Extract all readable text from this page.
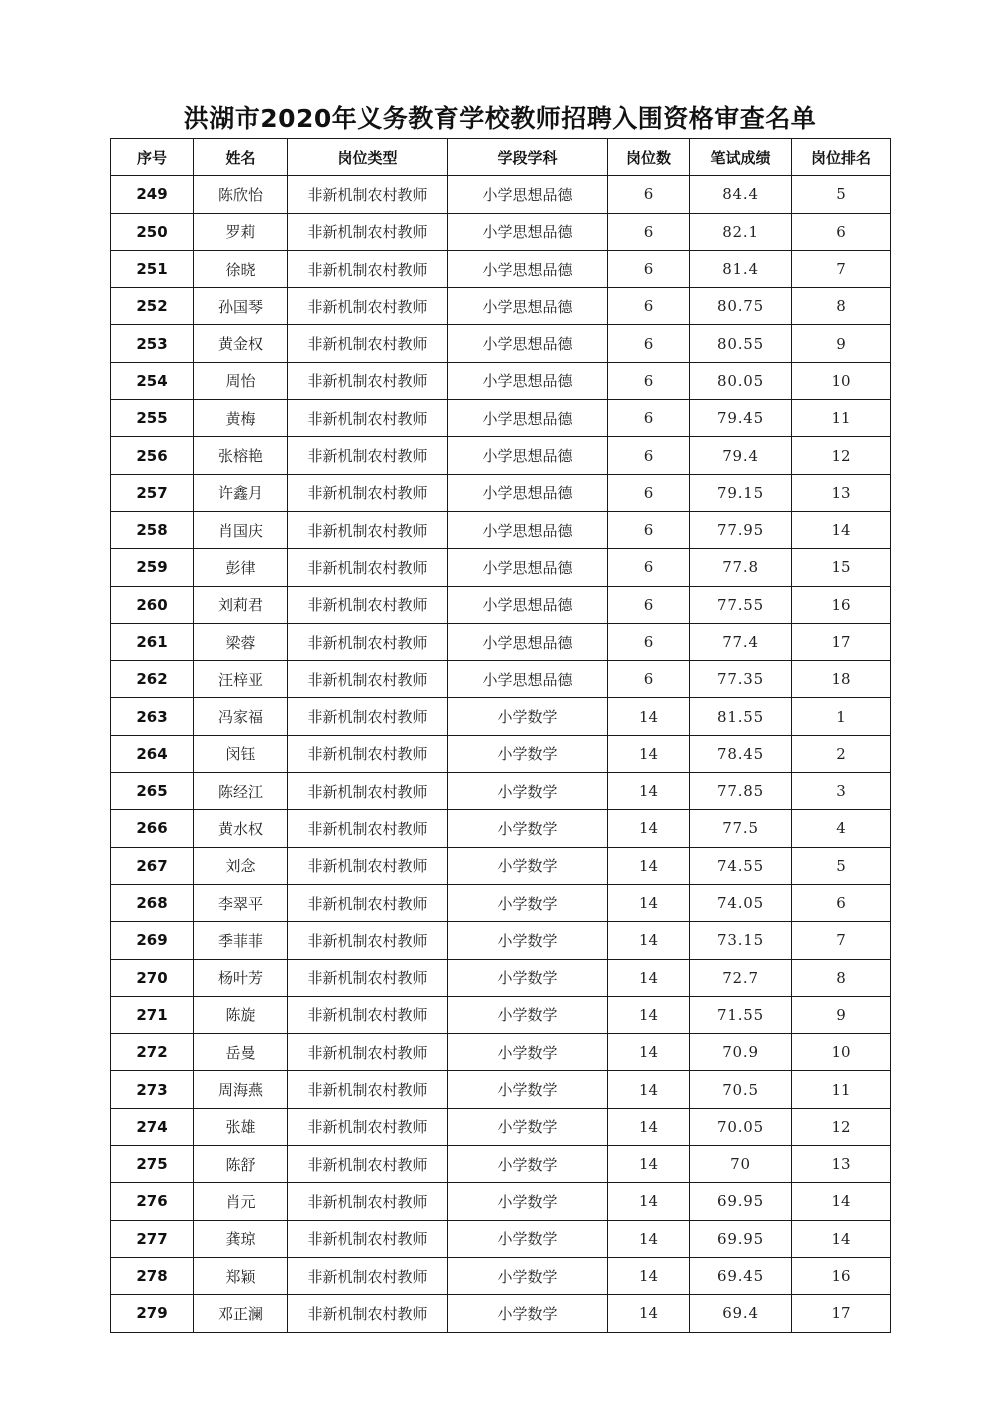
洪湖市2020年义务教育学校教师招聘入围资格审查名单
序号	姓名	岗位类型	学段学科	岗位数	笔试成绩	岗位排名
249	陈欣怡	非新机制农村教师	小学思想品德	6	84.4	5
250	罗莉	非新机制农村教师	小学思想品德	6	82.1	6
251	徐晓	非新机制农村教师	小学思想品德	6	81.4	7
252	孙国琴	非新机制农村教师	小学思想品德	6	80.75	8
253	黄金权	非新机制农村教师	小学思想品德	6	80.55	9
254	周怡	非新机制农村教师	小学思想品德	6	80.05	10
255	黄梅	非新机制农村教师	小学思想品德	6	79.45	11
256	张榕艳	非新机制农村教师	小学思想品德	6	79.4	12
257	许鑫月	非新机制农村教师	小学思想品德	6	79.15	13
258	肖国庆	非新机制农村教师	小学思想品德	6	77.95	14
259	彭律	非新机制农村教师	小学思想品德	6	77.8	15
260	刘莉君	非新机制农村教师	小学思想品德	6	77.55	16
261	梁蓉	非新机制农村教师	小学思想品德	6	77.4	17
262	汪梓亚	非新机制农村教师	小学思想品德	6	77.35	18
263	冯家福	非新机制农村教师	小学数学	14	81.55	1
264	闵钰	非新机制农村教师	小学数学	14	78.45	2
265	陈经江	非新机制农村教师	小学数学	14	77.85	3
266	黄水权	非新机制农村教师	小学数学	14	77.5	4
267	刘念	非新机制农村教师	小学数学	14	74.55	5
268	李翠平	非新机制农村教师	小学数学	14	74.05	6
269	季菲菲	非新机制农村教师	小学数学	14	73.15	7
270	杨叶芳	非新机制农村教师	小学数学	14	72.7	8
271	陈旋	非新机制农村教师	小学数学	14	71.55	9
272	岳曼	非新机制农村教师	小学数学	14	70.9	10
273	周海燕	非新机制农村教师	小学数学	14	70.5	11
274	张雄	非新机制农村教师	小学数学	14	70.05	12
275	陈舒	非新机制农村教师	小学数学	14	70	13
276	肖元	非新机制农村教师	小学数学	14	69.95	14
277	龚琼	非新机制农村教师	小学数学	14	69.95	14
278	郑颖	非新机制农村教师	小学数学	14	69.45	16
279	邓正澜	非新机制农村教师	小学数学	14	69.4	17
